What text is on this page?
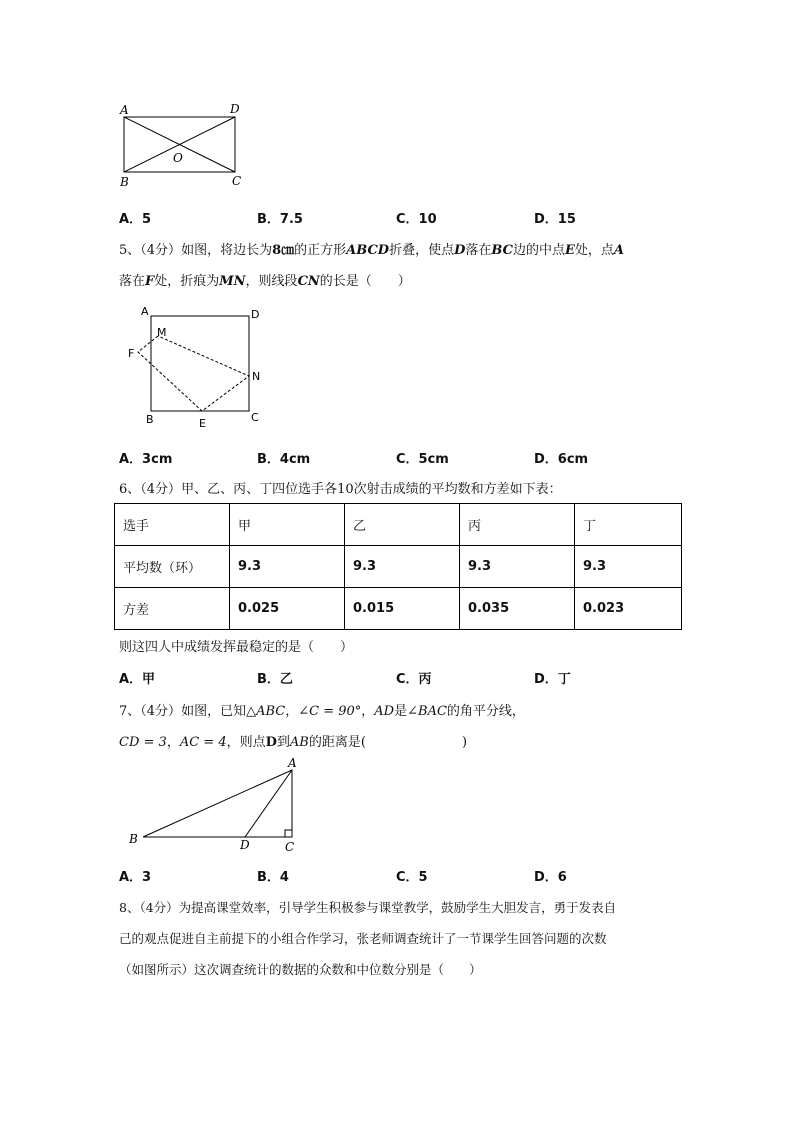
A	D
O
B	C
A．5	B．7.5	C．10	D．15
5、（4分）如图，将边长为8㎝的正方形ABCD折叠，使点D落在BC边的中点E处，点A
落在F处，折痕为MN，则线段CN的长是（　　）
A
M
D
F
N
B	E	C
A．3cm	B．4cm	C．5cm	D．6cm
6、（4分）甲、乙、丙、丁四位选手各10次射击成绩的平均数和方差如下表：
选手	甲	乙	丙	丁
平均数（环）	9.3	9.3	9.3	9.3
方差	0.025	0.015	0.035	0.023
则这四人中成绩发挥最稳定的是（　　）
A．甲	B．乙	C．丙	D．丁
7、（4分）如图，已知△ABC，∠C = 90°，AD是∠BAC的角平分线，
CD = 3，AC = 4，则点D到AB的距离是(	)
A
B	D	C
A．3	B．4	C．5	D．6
8、（4分）为提高课堂效率，引导学生积极参与课堂教学，鼓励学生大胆发言，勇于发表自
己的观点促进自主前提下的小组合作学习，张老师调查统计了一节课学生回答问题的次数
（如图所示）这次调查统计的数据的众数和中位数分别是（　　）
